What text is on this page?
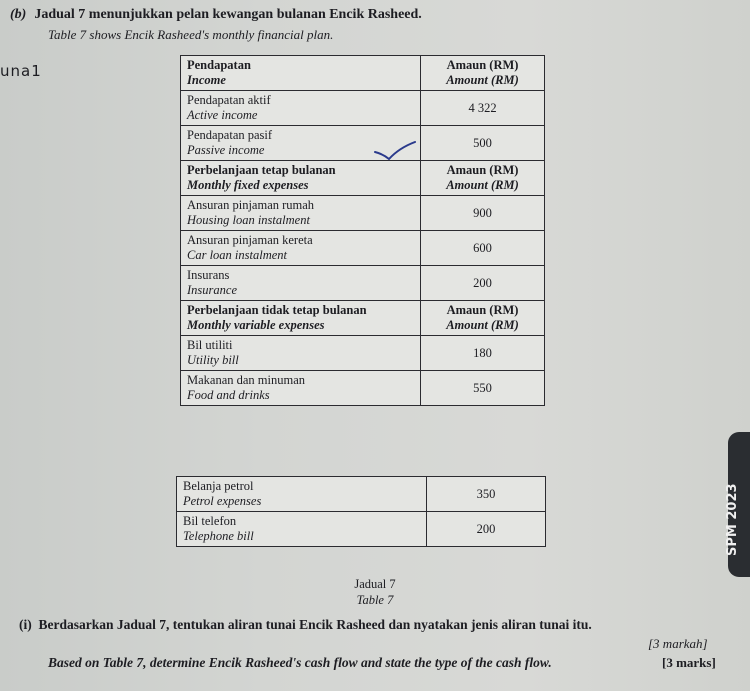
(b) Jadual 7 menunjukkan pelan kewangan bulanan Encik Rasheed.
Table 7 shows Encik Rasheed's monthly financial plan.
una1	Pendapatan
Income	Amaun (RM)
Amount (RM)

Pendapatan aktif
Active income	4 322

Pendapatan pasif
Passive income	500

Perbelanjaan tetap bulanan
Monthly fixed expenses	Amaun (RM)
Amount (RM)

Ansuran pinjaman rumah
Housing loan instalment	900

Ansuran pinjaman kereta
Car loan instalment	600

Insurans
Insurance	200

Perbelanjaan tidak tetap bulanan
Monthly variable expenses	Amaun (RM)
Amount (RM)

Bil utiliti
Utility bill	180

Makanan dan minuman
Food and drinks	550
Belanja petrol
Petrol expenses	350

Bil telefon
Telephone bill	200
Jadual 7
Table 7
(i) Berdasarkan Jadual 7, tentukan aliran tunai Encik Rasheed dan nyatakan jenis aliran tunai itu.
[3 markah]
Based on Table 7, determine Encik Rasheed's cash flow and state the type of the cash flow.	[3 marks]
SPM 2023
